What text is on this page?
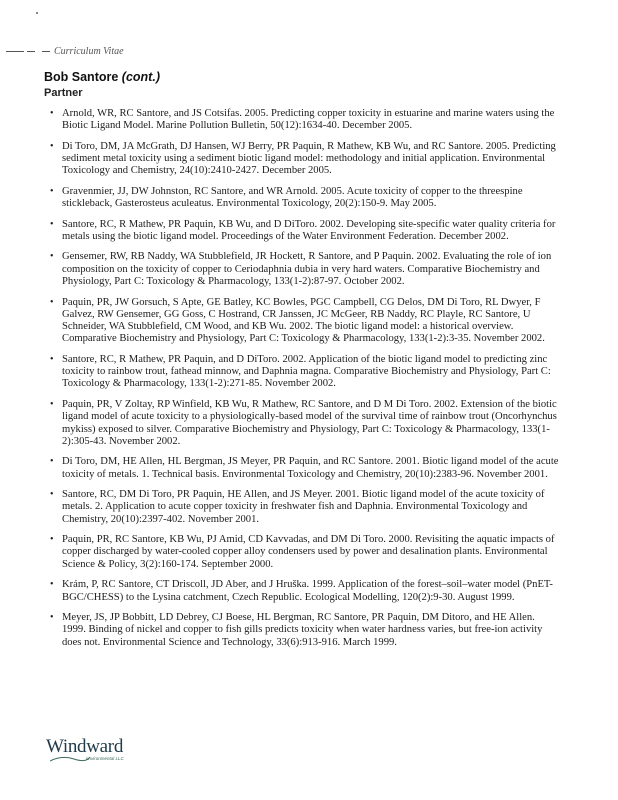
Curriculum Vitae
Bob Santore (cont.)
Partner
• Arnold, WR, RC Santore, and JS Cotsifas. 2005. Predicting copper toxicity in estuarine and marine waters using the Biotic Ligand Model. Marine Pollution Bulletin, 50(12):1634-40. December 2005.
• Di Toro, DM, JA McGrath, DJ Hansen, WJ Berry, PR Paquin, R Mathew, KB Wu, and RC Santore. 2005. Predicting sediment metal toxicity using a sediment biotic ligand model: methodology and initial application. Environmental Toxicology and Chemistry, 24(10):2410-2427. December 2005.
• Gravenmier, JJ, DW Johnston, RC Santore, and WR Arnold. 2005. Acute toxicity of copper to the threespine stickleback, Gasterosteus aculeatus. Environmental Toxicology, 20(2):150-9. May 2005.
• Santore, RC, R Mathew, PR Paquin, KB Wu, and D DiToro. 2002. Developing site-specific water quality criteria for metals using the biotic ligand model. Proceedings of the Water Environment Federation. December 2002.
• Gensemer, RW, RB Naddy, WA Stubblefield, JR Hockett, R Santore, and P Paquin. 2002. Evaluating the role of ion composition on the toxicity of copper to Ceriodaphnia dubia in very hard waters. Comparative Biochemistry and Physiology, Part C: Toxicology & Pharmacology, 133(1-2):87-97. October 2002.
• Paquin, PR, JW Gorsuch, S Apte, GE Batley, KC Bowles, PGC Campbell, CG Delos, DM Di Toro, RL Dwyer, F Galvez, RW Gensemer, GG Goss, C Hostrand, CR Janssen, JC McGeer, RB Naddy, RC Playle, RC Santore, U Schneider, WA Stubblefield, CM Wood, and KB Wu. 2002. The biotic ligand model: a historical overview. Comparative Biochemistry and Physiology, Part C: Toxicology & Pharmacology, 133(1-2):3-35. November 2002.
• Santore, RC, R Mathew, PR Paquin, and D DiToro. 2002. Application of the biotic ligand model to predicting zinc toxicity to rainbow trout, fathead minnow, and Daphnia magna. Comparative Biochemistry and Physiology, Part C: Toxicology & Pharmacology, 133(1-2):271-85. November 2002.
• Paquin, PR, V Zoltay, RP Winfield, KB Wu, R Mathew, RC Santore, and D M Di Toro. 2002. Extension of the biotic ligand model of acute toxicity to a physiologically-based model of the survival time of rainbow trout (Oncorhynchus mykiss) exposed to silver. Comparative Biochemistry and Physiology, Part C: Toxicology & Pharmacology, 133(1-2):305-43. November 2002.
• Di Toro, DM, HE Allen, HL Bergman, JS Meyer, PR Paquin, and RC Santore. 2001. Biotic ligand model of the acute toxicity of metals. 1. Technical basis. Environmental Toxicology and Chemistry, 20(10):2383-96. November 2001.
• Santore, RC, DM Di Toro, PR Paquin, HE Allen, and JS Meyer. 2001. Biotic ligand model of the acute toxicity of metals. 2. Application to acute copper toxicity in freshwater fish and Daphnia. Environmental Toxicology and Chemistry, 20(10):2397-402. November 2001.
• Paquin, PR, RC Santore, KB Wu, PJ Amid, CD Kavvadas, and DM Di Toro. 2000. Revisiting the aquatic impacts of copper discharged by water-cooled copper alloy condensers used by power and desalination plants. Environmental Science & Policy, 3(2):160-174. September 2000.
• Krám, P, RC Santore, CT Driscoll, JD Aber, and J Hruška. 1999. Application of the forest–soil–water model (PnET-BGC/CHESS) to the Lysina catchment, Czech Republic. Ecological Modelling, 120(2):9-30. August 1999.
• Meyer, JS, JP Bobbitt, LD Debrey, CJ Boese, HL Bergman, RC Santore, PR Paquin, DM Ditoro, and HE Allen. 1999. Binding of nickel and copper to fish gills predicts toxicity when water hardness varies, but free-ion activity does not. Environmental Science and Technology, 33(6):913-916. March 1999.
Windward
environmental LLC
